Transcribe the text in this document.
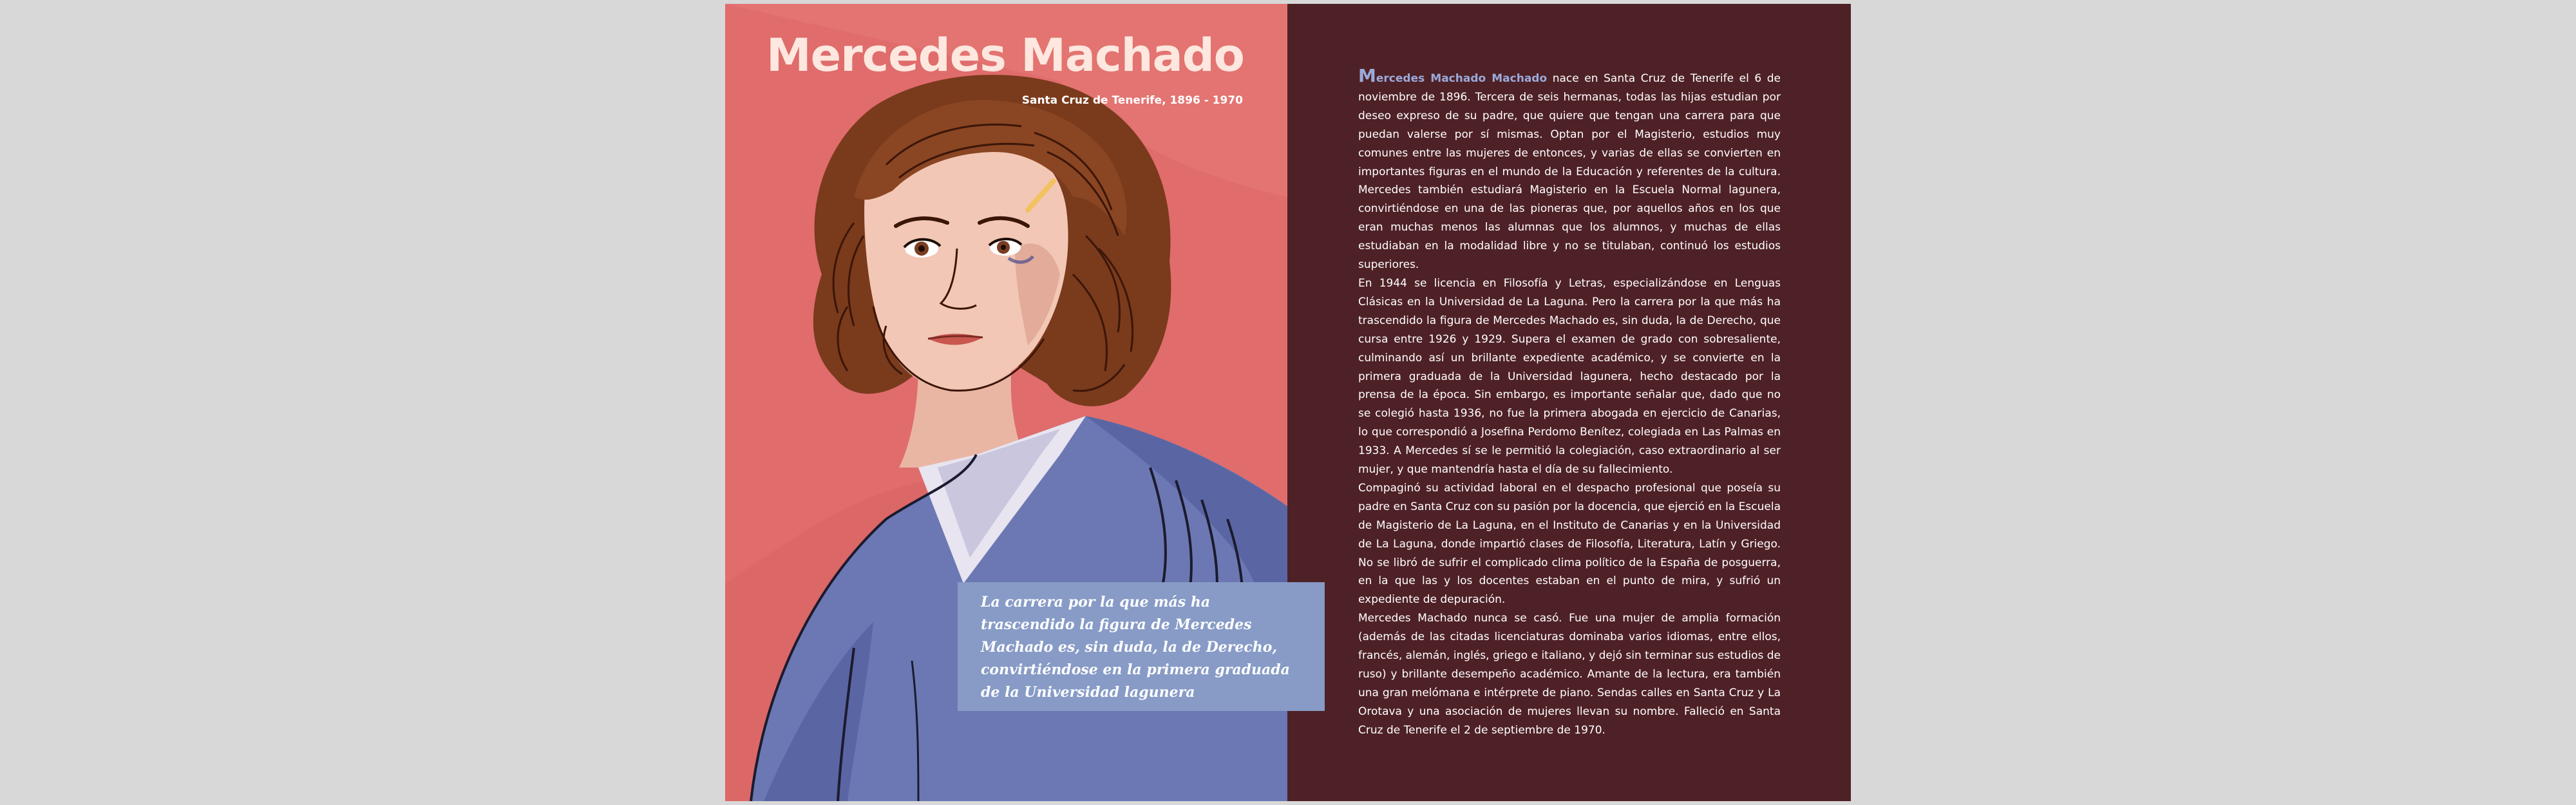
Mercedes Machado
Santa Cruz de Tenerife, 1896 - 1970

Mercedes Machado Machado nace en Santa Cruz de Tenerife el 6 de noviembre de 1896. Tercera de seis hermanas, todas las hijas estudian por deseo expreso de su padre, que quiere que tengan una carrera para que puedan valerse por sí mismas. Optan por el Magisterio, estudios muy comunes entre las mujeres de entonces, y varias de ellas se convierten en importantes figuras en el mundo de la Educación y referentes de la cultura. Mercedes también estudiará Magisterio en la Escuela Normal lagunera, convirtiéndose en una de las pioneras que, por aquellos años en los que eran muchas menos las alumnas que los alumnos, y muchas de ellas estudiaban en la modalidad libre y no se titulaban, continuó los estudios superiores.

En 1944 se licencia en Filosofía y Letras, especializándose en Lenguas Clásicas en la Universidad de La Laguna. Pero la carrera por la que más ha trascendido la figura de Mercedes Machado es, sin duda, la de Derecho, que cursa entre 1926 y 1929. Supera el examen de grado con sobresaliente, culminando así un brillante expediente académico, y se convierte en la primera graduada de la Universidad lagunera, hecho destacado por la prensa de la época. Sin embargo, es importante señalar que, dado que no se colegió hasta 1936, no fue la primera abogada en ejercicio de Canarias, lo que correspondió a Josefina Perdomo Benítez, colegiada en Las Palmas en 1933. A Mercedes sí se le permitió la colegiación, caso extraordinario al ser mujer, y que mantendría hasta el día de su fallecimiento.

Compaginó su actividad laboral en el despacho profesional que poseía su padre en Santa Cruz con su pasión por la docencia, que ejerció en la Escuela de Magisterio de La Laguna, en el Instituto de Canarias y en la Universidad de La Laguna, donde impartió clases de Filosofía, Literatura, Latín y Griego. No se libró de sufrir el complicado clima político de la España de posguerra, en la que las y los docentes estaban en el punto de mira, y sufrió un expediente de depuración.

Mercedes Machado nunca se casó. Fue una mujer de amplia formación (además de las citadas licenciaturas dominaba varios idiomas, entre ellos, francés, alemán, inglés, griego e italiano, y dejó sin terminar sus estudios de ruso) y brillante desempeño académico. Amante de la lectura, era también una gran melómana e intérprete de piano. Sendas calles en Santa Cruz y La Orotava y una asociación de mujeres llevan su nombre. Falleció en Santa Cruz de Tenerife el 2 de septiembre de 1970.

La carrera por la que más ha trascendido la figura de Mercedes Machado es, sin duda, la de Derecho, convirtiéndose en la primera graduada de la Universidad lagunera
